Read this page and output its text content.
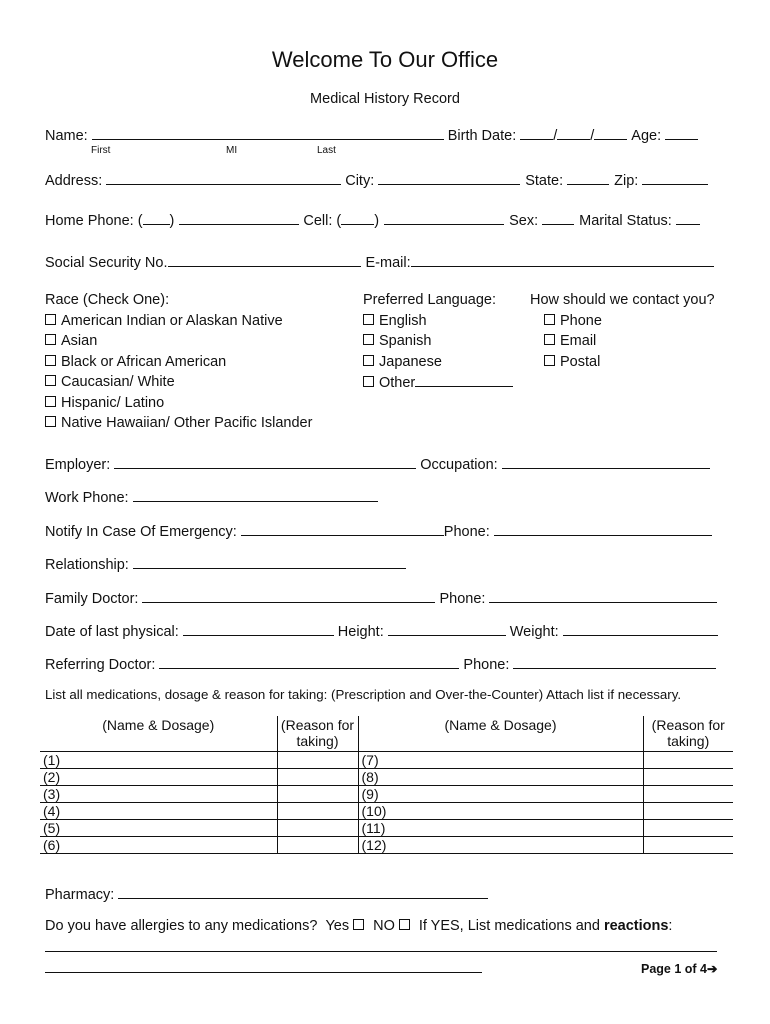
Welcome To Our Office
Medical History Record
Name:	Birth Date:	/ /	Age:
First	MI	Last
Address:	City:	State:	Zip:
Home Phone: ( )	Cell: ( )	Sex:	Marital Status:
Social Security No.	E-mail:
Race (Check One):
American Indian or Alaskan Native
Asian
Black or African American
Caucasian/ White
Hispanic/ Latino
Native Hawaiian/ Other Pacific Islander
Preferred Language:
English
Spanish
Japanese
Other
How should we contact you?
Phone
Email
Postal
Employer:	Occupation:
Work Phone:
Notify In Case Of Emergency:	Phone:
Relationship:
Family Doctor:	Phone:
Date of last physical:	Height:	Weight:
Referring Doctor:	Phone:
List all medications, dosage & reason for taking: (Prescription and Over-the-Counter) Attach list if necessary.
(Name & Dosage)	(Reason for taking)	(Name & Dosage)	(Reason for taking)
(1)		(7)	
(2)		(8)	
(3)		(9)	
(4)		(10)	
(5)		(11)	
(6)		(12)	
Pharmacy:
Do you have allergies to any medications? Yes NO If YES, List medications and reactions :
Page 1 of 4➔
